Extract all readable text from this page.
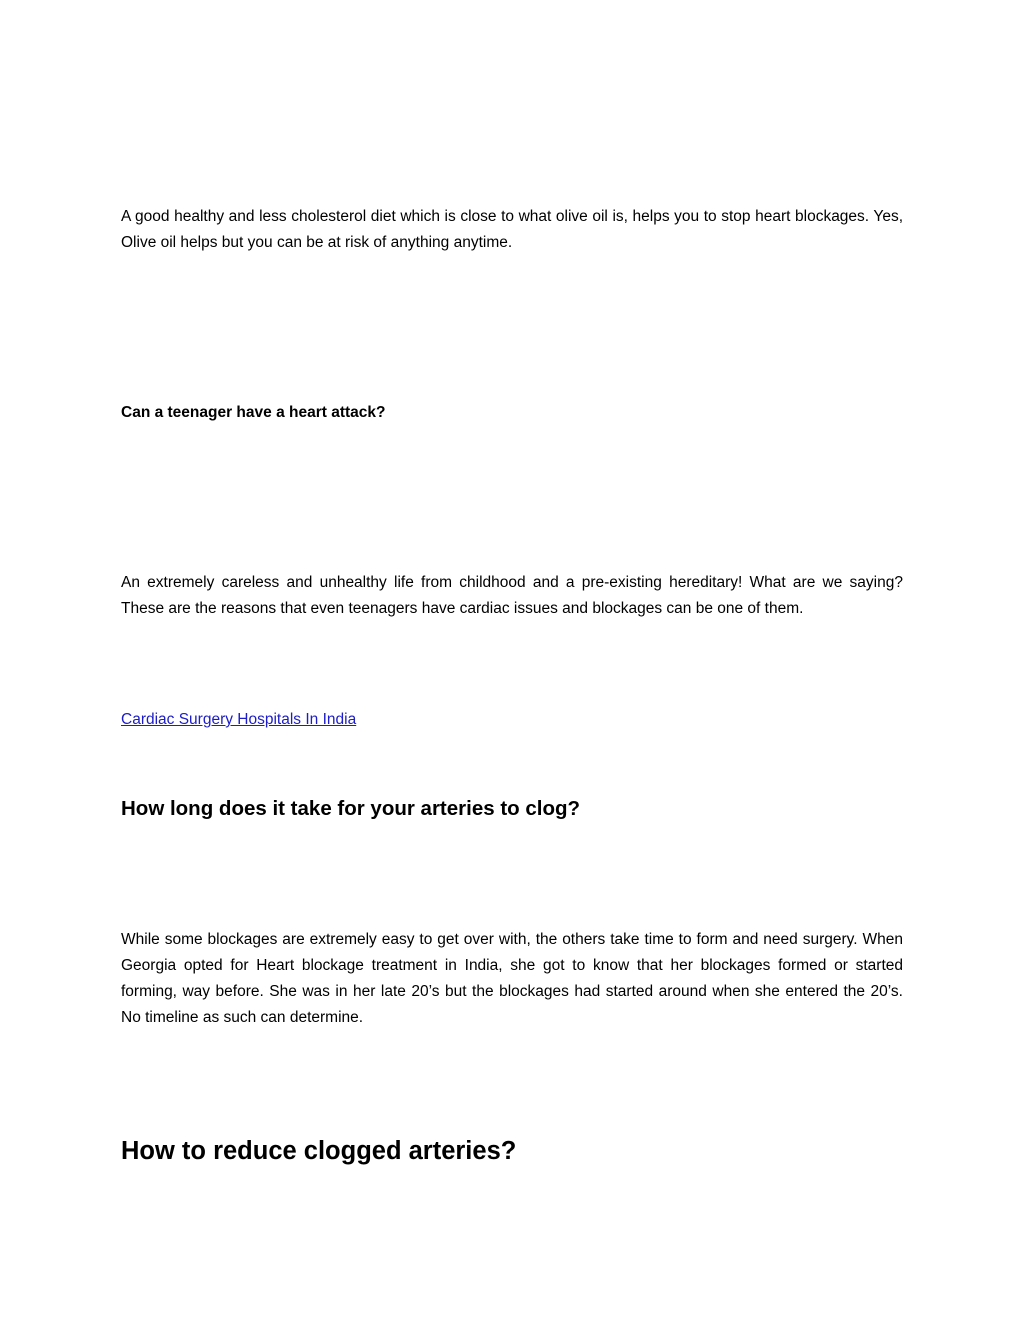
A good healthy and less cholesterol diet which is close to what olive oil is, helps you to stop heart blockages. Yes, Olive oil helps but you can be at risk of anything anytime.

Can a teenager have a heart attack?

An extremely careless and unhealthy life from childhood and a pre-existing hereditary! What are we saying? These are the reasons that even teenagers have cardiac issues and blockages can be one of them.

Cardiac Surgery Hospitals In India

How long does it take for your arteries to clog?

While some blockages are extremely easy to get over with, the others take time to form and need surgery. When Georgia opted for Heart blockage treatment in India, she got to know that her blockages formed or started forming, way before. She was in her late 20’s but the blockages had started around when she entered the 20’s. No timeline as such can determine.

How to reduce clogged arteries?
